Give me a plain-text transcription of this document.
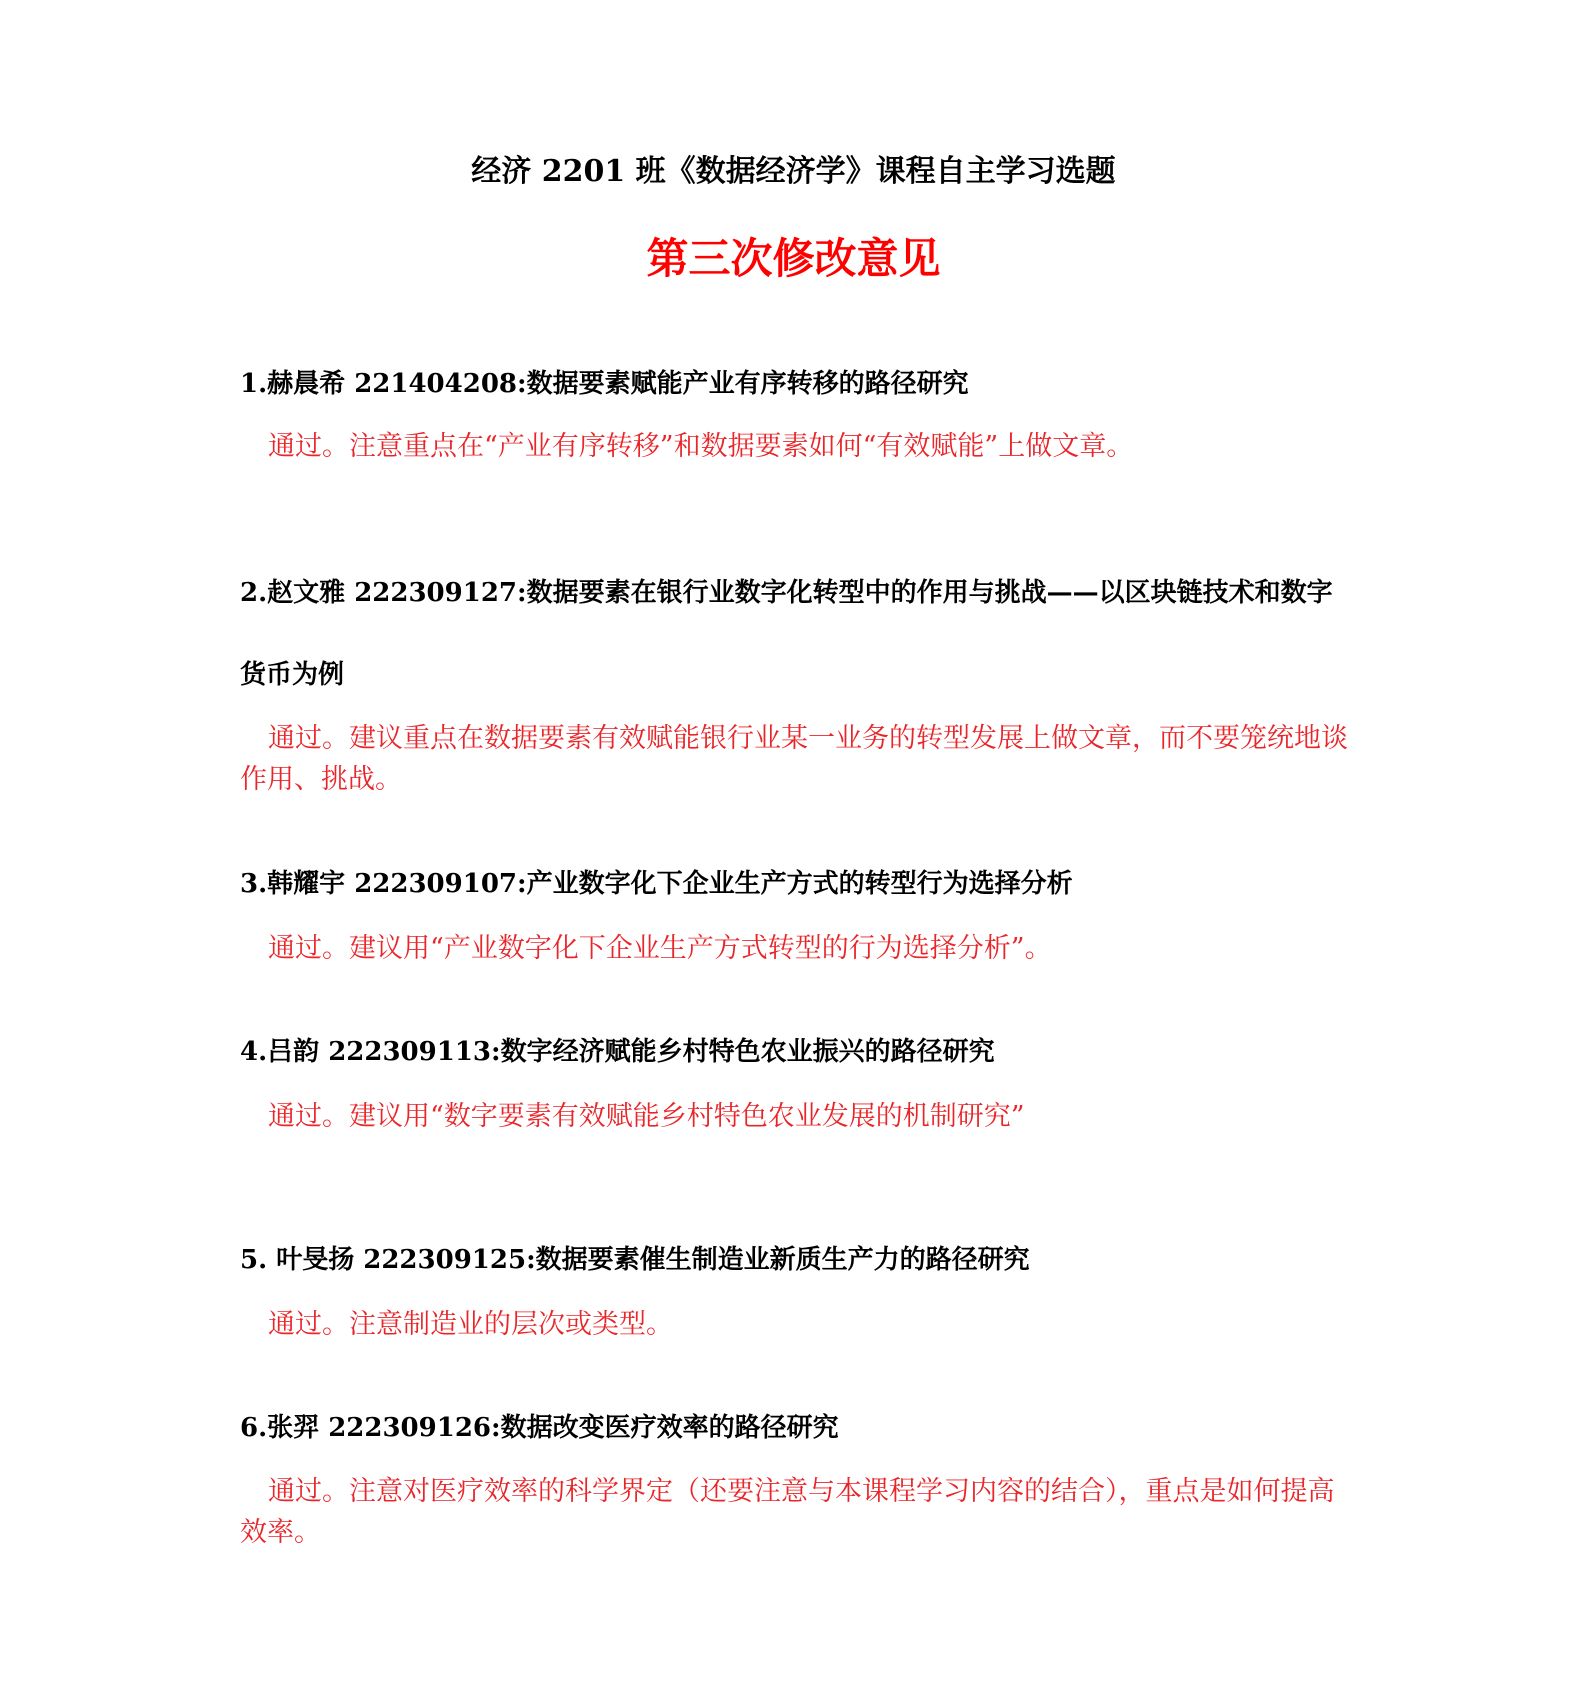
经济 2201 班《数据经济学》课程自主学习选题
第三次修改意见
1.赫晨希 221404208:数据要素赋能产业有序转移的路径研究
通过。注意重点在“产业有序转移”和数据要素如何“有效赋能”上做文章。
2.赵文雅 222309127:数据要素在银行业数字化转型中的作用与挑战——以区块链技术和数字货币为例
通过。建议重点在数据要素有效赋能银行业某一业务的转型发展上做文章，而不要笼统地谈作用、挑战。
3.韩耀宇 222309107:产业数字化下企业生产方式的转型行为选择分析
通过。建议用“产业数字化下企业生产方式转型的行为选择分析”。
4.吕韵 222309113:数字经济赋能乡村特色农业振兴的路径研究
通过。建议用“数字要素有效赋能乡村特色农业发展的机制研究”
5. 叶旻扬 222309125:数据要素催生制造业新质生产力的路径研究
通过。注意制造业的层次或类型。
6.张羿 222309126:数据改变医疗效率的路径研究
通过。注意对医疗效率的科学界定（还要注意与本课程学习内容的结合），重点是如何提高效率。
